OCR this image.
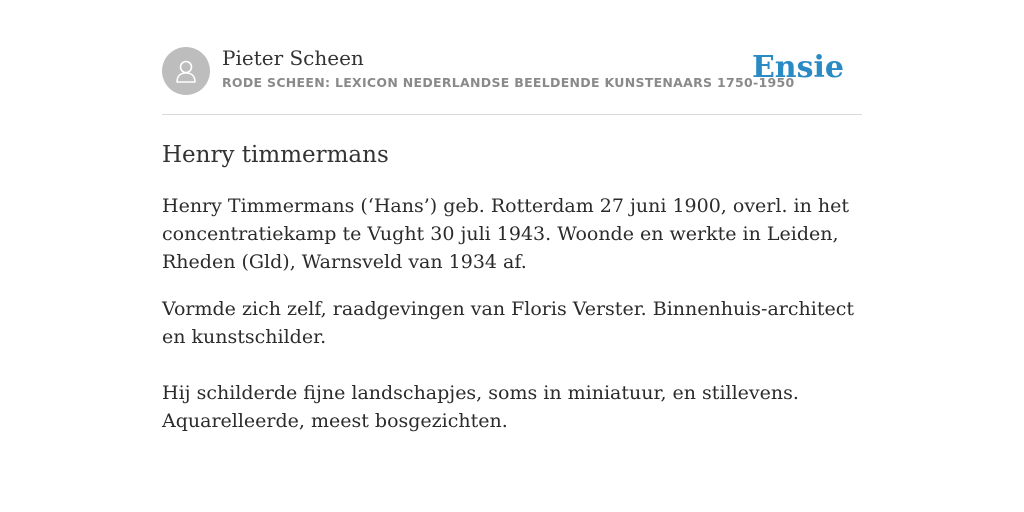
Pieter Scheen
RODE SCHEEN: LEXICON NEDERLANDSE BEELDENDE KUNSTENAARS 1750-1950
Ensie
Henry timmermans

Henry Timmermans (‘Hans’) geb. Rotterdam 27 juni 1900, overl. in het concentratiekamp te Vught 30 juli 1943. Woonde en werkte in Leiden, Rheden (Gld), Warnsveld van 1934 af.

Vormde zich zelf, raadgevingen van Floris Verster. Binnenhuis-architect en kunstschilder.

Hij schilderde fijne landschapjes, soms in miniatuur, en stillevens. Aquarelleerde, meest bosgezichten.
